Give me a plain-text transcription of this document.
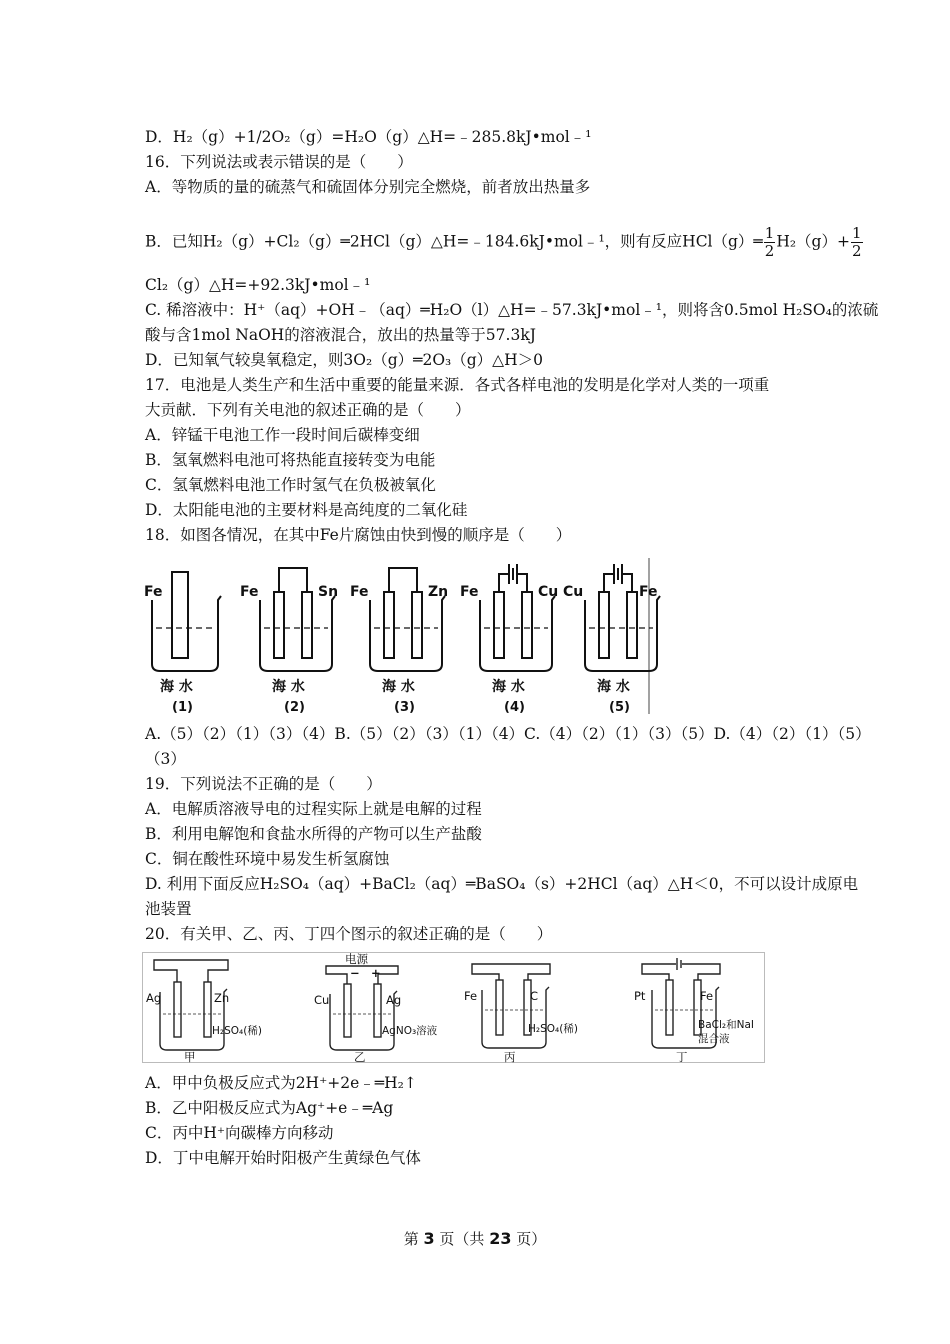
D．H₂（g）+1/2O₂（g）=H₂O（g）△H=﹣285.8kJ•mol﹣¹
16．下列说法或表示错误的是（　　）
A．等物质的量的硫蒸气和硫固体分别完全燃烧，前者放出热量多
B．已知H₂（g）+Cl₂（g）═2HCl（g）△H=﹣184.6kJ•mol﹣¹，则有反应HCl（g）═ $\frac{1}{2} H_2(g)+ \frac{1}{2}$
Cl₂（g）△H=+92.3kJ•mol﹣¹
C. 稀溶液中：H⁺（aq）+OH﹣（aq）═H₂O（l）△H=﹣57.3kJ•mol﹣¹，则将含0.5mol H₂SO₄的浓硫
酸与含1mol NaOH的溶液混合，放出的热量等于57.3kJ
D．已知氧气较臭氧稳定，则3O₂（g）═2O₃（g）△H＞0
17．电池是人类生产和生活中重要的能量来源．各式各样电池的发明是化学对人类的一项重
大贡献．下列有关电池的叙述正确的是（　　）
A．锌锰干电池工作一段时间后碳棒变细
B．氢氧燃料电池可将热能直接转变为电能
C．氢氧燃料电池工作时氢气在负极被氧化
D．太阳能电池的主要材料是高纯度的二氧化硅
18．如图各情况，在其中Fe片腐蚀由快到慢的顺序是（　　）
Fe
海 水
(1)
Fe	Sn
海 水
(2)
Fe	Zn
海 水
(3)
Fe	Cu
海 水
(4)
Cu	Fe
海 水
(5)
A.（5）（2）（1）（3）（4）B.（5）（2）（3）（1）（4）C.（4）（2）（1）（3）（5）D.（4）（2）（1）（5）
（3）
19．下列说法不正确的是（　　）
A．电解质溶液导电的过程实际上就是电解的过程
B．利用电解饱和食盐水所得的产物可以生产盐酸
C．铜在酸性环境中易发生析氢腐蚀
D. 利用下面反应H₂SO₄（aq）+BaCl₂（aq）═BaSO₄（s）+2HCl（aq）△H＜0，不可以设计成原电
池装置
20．有关甲、乙、丙、丁四个图示的叙述正确的是（　　）
Ag	Zn
H₂SO₄(稀)
甲
电源
− +
Cu	Ag
AgNO₃溶液
乙
Fe	C
H₂SO₄(稀)
丙
Pt	Fe
BaCl₂和NaI
混合液
丁
A．甲中负极反应式为2H⁺+2e﹣═H₂↑
B．乙中阳极反应式为Ag⁺+e﹣═Ag
C．丙中H⁺向碳棒方向移动
D．丁中电解开始时阳极产生黄绿色气体
第 3 页（共 23 页）
